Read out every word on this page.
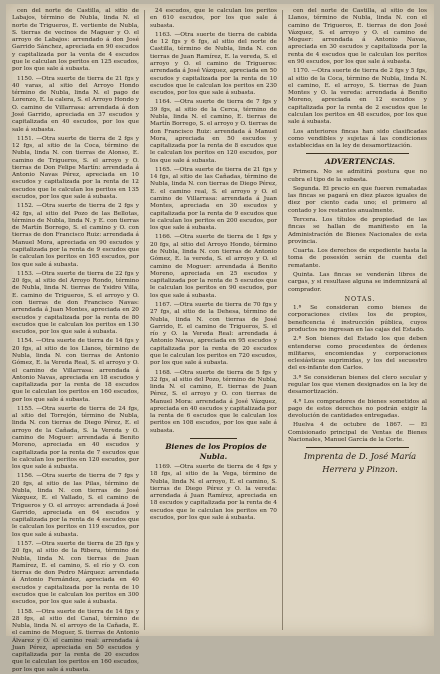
cen del norte de Castilla, al sitio de Labajos, término de Nubla, linda N. el norte de Trigueros, E. vertiente de Nubla, S. tierras de vecinos de Maguer y O. el arroyo de Labajos: arrendado á don José Garrido Sánchez, apreciada en 90 escudos y capitalizada por la venta de 4 escudos que le calculan los peritos en 125 escudos, por los que sale á subasta.

1150. —Otra suerte de tierra de 21 fgs y 40 varas, al sitio del Arroyo Hondo término de Nubla, linda N. el pago de Lorenzo, E. la calera, S. el Arroyo Hondo y O. camino de Villarrasa: arrendada á don José Garrido, apreciada en 37 escudos y capitalizada en 40 escudos, por los que sale á subasta.

1151. —Otra suerte de tierra de 2 fgs y 12 fgs, al sitio de la Coca, término de Nubla, linda N. con tierras de Alonso, E. camino de Trigueros, S. el arroyo y O. tierras de Don Felipe Martín: arrendada á Antonio Navas Pérez, apreciada en 10 escudos y capitalizada por la renta de 12 escudos que le calculan los peritos en 135 escudos, por los que sale á subasta.

1152. —Otra suerte de tierra de 2 fgs y 42 fgs, al sitio del Pozo de las Bellotas, término de Nubla, linda N. y E. con tierras de Martín Borrego, S. el camino y O. con tierras de don Francisco Ruiz: arrendada á Manuel Mora, apreciada en 90 escudos y capitalizada por la renta de 9 escudos que le calculan los peritos en 165 escudos, por los que sale á subasta.

1153. —Otra suerte de tierra de 22 fgs y 20 fgs, al sitio del Arroyo Rondo, término de Nubla, linda N. tierras de Ysidro Villa, E. camino de Trigueros, S. el arroyo y O. con tierras de don Francisco Navas: arrendada á Juan Montes, apreciada en 20 escudos y capitalizada por la renta de 80 escudos que le calculan los peritos en 130 escudos, por los que sale á subasta.

1154. —Otra suerte de tierra de 14 fgs y 20 fgs, al sitio de los Llanos, término de Nubla, linda N. con tierras de Antonio Gómez, E. la Vereda Real, S. el arroyo y O. el camino de Villarrasa: arrendada á Antonio Navas, apreciada en 18 escudos y capitalizada por la renta de 18 escudos que le calculan los peritos en 160 escudos, por los que sale á subasta.

1155. —Otra suerte de tierra de 24 fgs, al sitio del Torrejón, término de Nubla, linda N. con tierras de Diego Pérez, E. el arroyo de la Cañada, S. la Vereda y O. camino de Moguer: arrendada á Benito Moreno, apreciada en 40 escudos y capitalizada por la renta de 7 escudos que le calculan los peritos en 120 escudos, por los que sale á subasta.

1156. —Otra suerte de tierra de 7 fgs y 20 fgs, al sitio de las Pilas, término de Nubla, linda N. con tierras de José Vázquez, E. el Vallado, S. el camino de Trigueros y O. el arroyo: arrendada á José Garrido, apreciada en 64 escudos y capitalizada por la renta de 4 escudos que le calculan los peritos en 119 escudos, por los que sale á subasta.

1157. —Otra suerte de tierra de 25 fgs y 20 fgs, al sitio de la Ribera, término de Nubla, linda N. con tierras de Juan Ramírez, E. el camino, S. el río y O. con tierras de don Pedro Márquez: arrendada á Antonio Fernández, apreciada en 40 escudos y capitalizada por la renta de 10 escudos que le calculan los peritos en 300 escudos, por los que sale á subasta.

1158. —Otra suerte de tierra de 14 fgs y 28 fgs, al sitio del Canal, término de Nubla, linda N. el arroyo de la Cañada, E. el camino de Moguer, S. tierras de Antonio Álvarez y O. el camino real: arrendada á Juan Pérez, apreciada en 50 escudos y capitalizada por la renta de 20 escudos que le calculan los peritos en 160 escudos, por los que sale á subasta.

24 escudos, que le calculan los peritos en 610 escudos, por los que sale á subasta.

1163. —Otra suerte de tierra de cabida de 12 fgs y 6 fgs, al sitio del norte de Castilla, término de Nubla, linda N. con tierras de Juan Ramírez, E. la vereda, S. el arroyo y O. el camino de Trigueros: arrendada á José Vázquez, apreciada en 50 escudos y capitalizada por la renta de 10 escudos que le calculan los peritos en 230 escudos, por los que sale á subasta.

1164. —Otra suerte de tierra de 7 fgs y 39 fgs, al sitio de la Cerca, término de Nubla, linda N. el camino, E. tierras de Martín Borrego, S. el arroyo y O. tierras de don Francisco Ruiz: arrendada á Manuel Mora, apreciada en 50 escudos y capitalizada por la renta de 8 escudos que le calculan los peritos en 120 escudos, por los que sale á subasta.

1165. —Otra suerte de tierra de 21 fgs y 14 fgs, al sitio de las Cañadas, término de Nubla, linda N. con tierras de Diego Pérez, E. el camino real, S. el arroyo y O. el camino de Villarrasa: arrendada á Juan Montes, apreciada en 30 escudos y capitalizada por la renta de 9 escudos que le calculan los peritos en 200 escudos, por los que sale á subasta.

1166. —Otra suerte de tierra de 1 fgs y 20 fgs, al sitio del Arroyo Hondo, término de Nubla, linda N. con tierras de Antonio Gómez, E. la vereda, S. el arroyo y O. el camino de Moguer: arrendada á Benito Moreno, apreciada en 25 escudos y capitalizada por la renta de 5 escudos que le calculan los peritos en 90 escudos, por los que sale á subasta.

1167. —Otra suerte de tierra de 70 fgs y 27 fgs, al sitio de la Dehesa, término de Nubla, linda N. con tierras de José Garrido, E. el camino de Trigueros, S. el río y O. la Vereda Real: arrendada á Antonio Navas, apreciada en 95 escudos y capitalizada por la renta de 20 escudos que le calculan los peritos en 720 escudos, por los que sale á subasta.

1168. —Otra suerte de tierra de 5 fgs y 32 fgs, al sitio del Pozo, término de Nubla, linda N. el camino, E. tierras de Juan Pérez, S. el arroyo y O. con tierras de Manuel Mora: arrendada á José Vázquez, apreciada en 40 escudos y capitalizada por la renta de 6 escudos que le calculan los peritos en 108 escudos, por los que sale á subasta.

Bienes de los Propios de Nubla.

1169. —Otra suerte de tierra de 4 fgs y 18 fgs, al sitio de la Vega, término de Nubla, linda N. el arroyo, E. el camino, S. tierras de Diego Pérez y O. la vereda: arrendada á Juan Ramírez, apreciada en 18 escudos y capitalizada por la renta de 4 escudos que le calculan los peritos en 70 escudos, por los que sale á subasta.

cen del norte de Castilla, al sitio de los Llanos, término de Nubla, linda N. con el camino de Trigueros, E. tierras de don José Vázquez, S. el arroyo y O. el camino de Moguer: arrendada á Antonio Navas, apreciada en 30 escudos y capitalizada por la renta de 4 escudos que le calculan los peritos en 90 escudos, por los que sale á subasta.

1170. —Otra suerte de tierra de 2 fgs y 5 fgs, al sitio de la Coca, término de Nubla, linda N. el camino, E. el arroyo, S. tierras de Juan Montes y O. la vereda: arrendada á Benito Moreno, apreciada en 12 escudos y capitalizada por la renta de 2 escudos que le calculan los peritos en 48 escudos, por los que sale á subasta.

Los anteriores fincas han sido clasificadas como vendibles y sujetas á las condiciones establecidas en la ley de desamortización.

ADVERTENCIAS.

Primera. No se admitirá postura que no cubra el tipo de la subasta.

Segunda. El precio en que fueren rematadas las fincas se pagará en diez plazos iguales de diez por ciento cada uno; el primero al contado y los restantes anualmente.

Tercera. Los títulos de propiedad de las fincas se hallan de manifiesto en la Administración de Bienes Nacionales de esta provincia.

Cuarta. Los derechos de expediente hasta la toma de posesión serán de cuenta del rematante.

Quinta. Las fincas se venderán libres de cargas, y si resultase alguna se indemnizará al comprador.

NOTAS.

1.ª Se consideran como bienes de corporaciones civiles los de propios, beneficencia é instrucción pública, cuyos productos no ingresan en las cajas del Estado.

2.ª Son bienes del Estado los que deben entenderse como procedentes de órdenes militares, encomiendas y corporaciones eclesiásticas suprimidas, y los del secuestro del ex-infante don Carlos.

3.ª Se consideran bienes del clero secular y regular los que vienen designados en la ley de desamortización.

4.ª Los compradores de bienes sometidos al pago de estos derechos no podrán exigir la devolución de cantidades entregadas.

Huelva 4 de octubre de 1867. — El Comisionado principal de Ventas de Bienes Nacionales, Manuel García de la Corte.

Imprenta de D. José María

Herrera y Pinzon.
